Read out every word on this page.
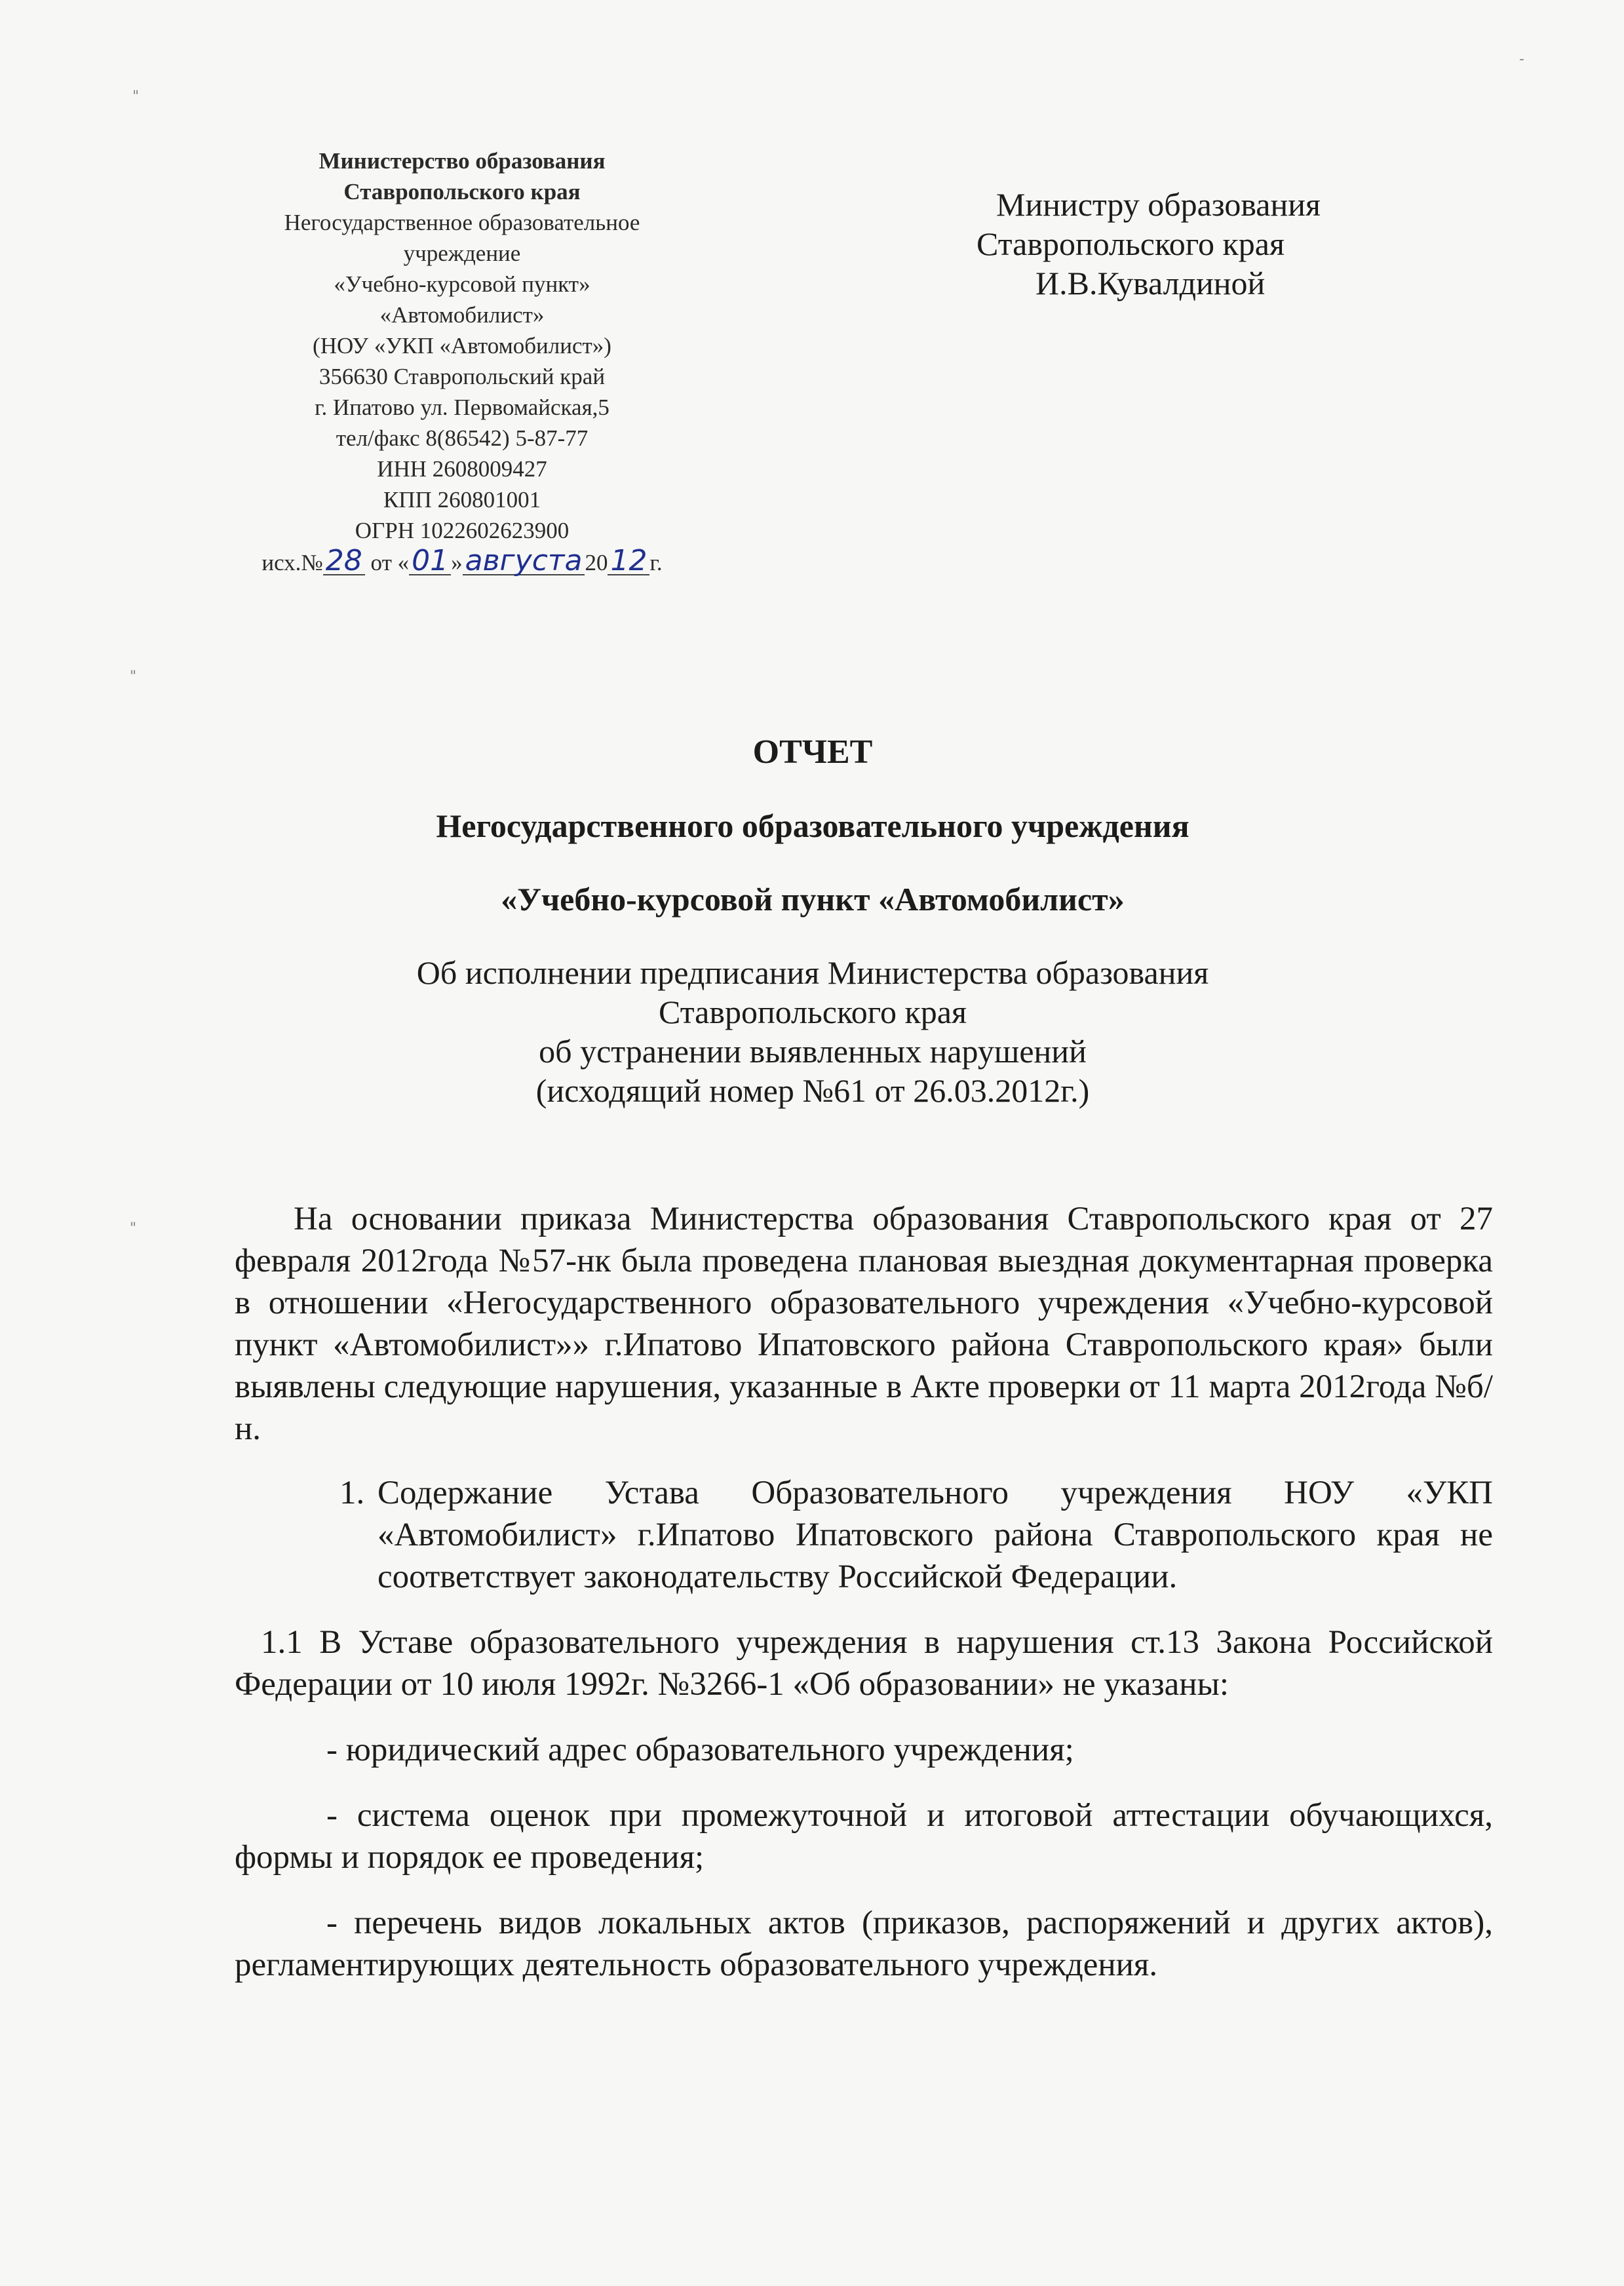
"
"
"
-
Министерство образования
Ставропольского края
Негосударственное образовательное
учреждение
«Учебно-курсовой пункт»
«Автомобилист»
(НОУ «УКП «Автомобилист»)
356630 Ставропольский край
г. Ипатово ул. Первомайская,5
тел/факс 8(86542) 5-87-77
ИНН 2608009427
КПП 260801001
ОГРН 1022602623900
исх.№28 от «01 »августа 2012 г.
Министру образования
Ставропольского края
И.В.Кувалдиной
ОТЧЕТ
Негосударственного образовательного учреждения
«Учебно-курсовой пункт «Автомобилист»
Об исполнении предписания Министерства образования
Ставропольского края
об устранении выявленных нарушений
(исходящий номер №61 от 26.03.2012г.)
На основании приказа Министерства образования Ставропольского края от 27 февраля 2012года №57-нк была проведена плановая выездная документарная проверка в отношении «Негосударственного образовательного учреждения «Учебно-курсовой пункт «Автомобилист»» г.Ипатово Ипатовского района Ставропольского края» были выявлены следующие нарушения, указанные в Акте проверки от 11 марта 2012года №б/н.
1. Содержание Устава Образовательного учреждения НОУ «УКП «Автомобилист» г.Ипатово Ипатовского района Ставропольского края не соответствует законодательству Российской Федерации.
1.1 В Уставе образовательного учреждения в нарушения ст.13 Закона Российской Федерации от 10 июля 1992г. №3266-1 «Об образовании» не указаны:
- юридический адрес образовательного учреждения;
- система оценок при промежуточной и итоговой аттестации обучающихся, формы и порядок ее проведения;
- перечень видов локальных актов (приказов, распоряжений и других актов), регламентирующих деятельность образовательного учреждения.
